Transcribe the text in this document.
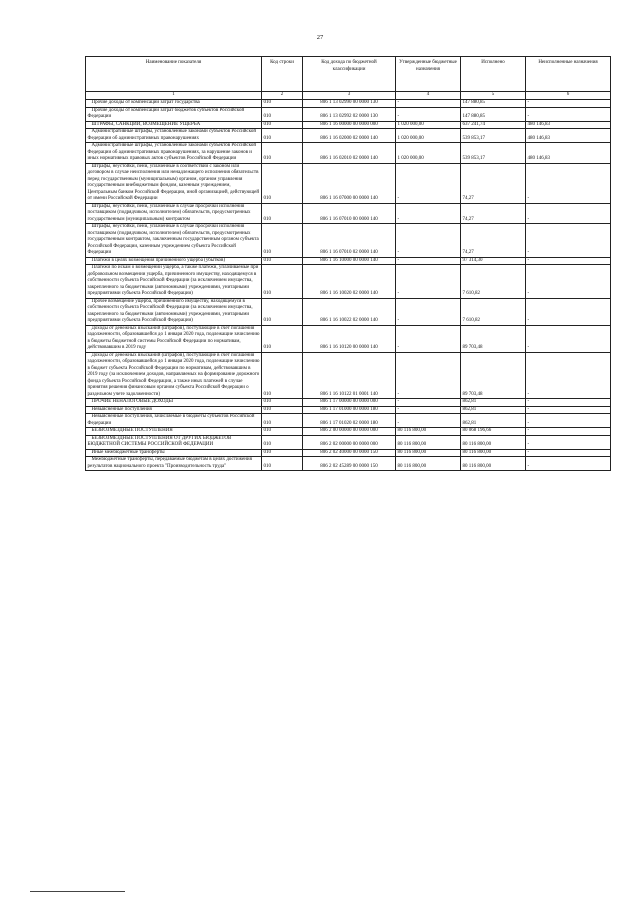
27
Наименование показателя	Код строки	Код дохода по бюджетной классификации	Утвержденные бюджетные назначения	Исполнено	Неисполненные назначения
1	2	3	4	5	6
Прочие доходы от компенсации затрат государства	010	806 1 13 02990 00 0000 130	-	147 880,85	-
Прочие доходы от компенсации затрат бюджетов субъектов Российской Федерации	010	806 1 13 02992 02 0000 130	-	147 880,85	-
ШТРАФЫ, САНКЦИИ, ВОЗМЕЩЕНИЕ УЩЕРБА	010	806 1 16 00000 00 0000 000	1 020 000,00	637 241,74	480 146,83
Административные штрафы, установленные законами субъектов Российской Федерации об административных правонарушениях	010	806 1 16 02000 02 0000 140	1 020 000,00	539 853,17	480 146,83
Административные штрафы, установленные законами субъектов Российской Федерации об административных правонарушениях, за нарушение законов и иных нормативных правовых актов субъектов Российской Федерации	010	806 1 16 02010 02 0000 140	1 020 000,00	539 853,17	480 146,83
Штрафы, неустойки, пени, уплаченные в соответствии с законом или договором в случае неисполнения или ненадлежащего исполнения обязательств перед государственным (муниципальным) органом, органом управления государственным внебюджетным фондом, казенным учреждением, Центральным банком Российской Федерации, иной организацией, действующей от имени Российской Федерации	010	806 1 16 07000 00 0000 140	-	74,27	-
Штрафы, неустойки, пени, уплаченные в случае просрочки исполнения поставщиком (подрядчиком, исполнителем) обязательств, предусмотренных государственным (муниципальным) контрактом	010	806 1 16 07010 00 0000 140	-	74,27	-
Штрафы, неустойки, пени, уплаченные в случае просрочки исполнения поставщиком (подрядчиком, исполнителем) обязательств, предусмотренных государственным контрактом, заключенным государственным органом субъекта Российской Федерации, казенным учреждением субъекта Российской Федерации	010	806 1 16 07010 02 0000 140	-	74,27	-
Платежи в целях возмещения причиненного ущерба (убытков)	010	806 1 16 10000 00 0000 140	-	97 314,30	-
Платежи по искам о возмещении ущерба, а также платежи, уплачиваемые при добровольном возмещении ущерба, причиненного имуществу, находящемуся в собственности субъекта Российской Федерации (за исключением имущества, закрепленного за бюджетными (автономными) учреждениями, унитарными предприятиями субъекта Российской Федерации)	010	806 1 16 10020 02 0000 140	-	7 610,82	-
Прочее возмещение ущерба, причиненного имуществу, находящемуся в собственности субъекта Российской Федерации (за исключением имущества, закрепленного за бюджетными (автономными) учреждениями, унитарными предприятиями субъекта Российской Федерации)	010	806 1 16 10022 02 0000 140	-	7 610,82	-
Доходы от денежных взысканий (штрафов), поступающие в счет погашения задолженности, образовавшейся до 1 января 2020 года, подлежащие зачислению в бюджеты бюджетной системы Российской Федерации по нормативам, действовавшим в 2019 году	010	806 1 16 10120 00 0000 140	-	89 703,48	-
Доходы от денежных взысканий (штрафов), поступающие в счет погашения задолженности, образовавшейся до 1 января 2020 года, подлежащие зачислению в бюджет субъекта Российской Федерации по нормативам, действовавшим в 2019 году (за исключением доходов, направляемых на формирование дорожного фонда субъекта Российской Федерации, а также иных платежей в случае принятия решения финансовым органом субъекта Российской Федерации о раздельном учете задолженности)	010	806 1 16 10122 01 0001 140	-	89 703,48	-
ПРОЧИЕ НЕНАЛОГОВЫЕ ДОХОДЫ	010	806 1 17 00000 00 0000 000	-	862,81	-
Невыясненные поступления	010	806 1 17 01000 00 0000 180	-	862,81	-
Невыясненные поступления, зачисляемые в бюджеты субъектов Российской Федерации	010	806 1 17 01020 02 0000 180	-	862,81	-
БЕЗВОЗМЕЗДНЫЕ ПОСТУПЛЕНИЯ	010	806 2 00 00000 00 0000 000	80 116 800,00	80 068 196,66	-
БЕЗВОЗМЕЗДНЫЕ ПОСТУПЛЕНИЯ ОТ ДРУГИХ БЮДЖЕТОВ БЮДЖЕТНОЙ СИСТЕМЫ РОССИЙСКОЙ ФЕДЕРАЦИИ	010	806 2 02 00000 00 0000 000	80 116 800,00	80 116 800,00	-
Иные межбюджетные трансферты	010	806 2 02 40000 00 0000 150	80 116 800,00	80 116 800,00	-
Межбюджетные трансферты, передаваемые бюджетам в целях достижения результатов национального проекта "Производительность труда"	010	806 2 02 45289 00 0000 150	80 116 800,00	80 116 800,00	-
